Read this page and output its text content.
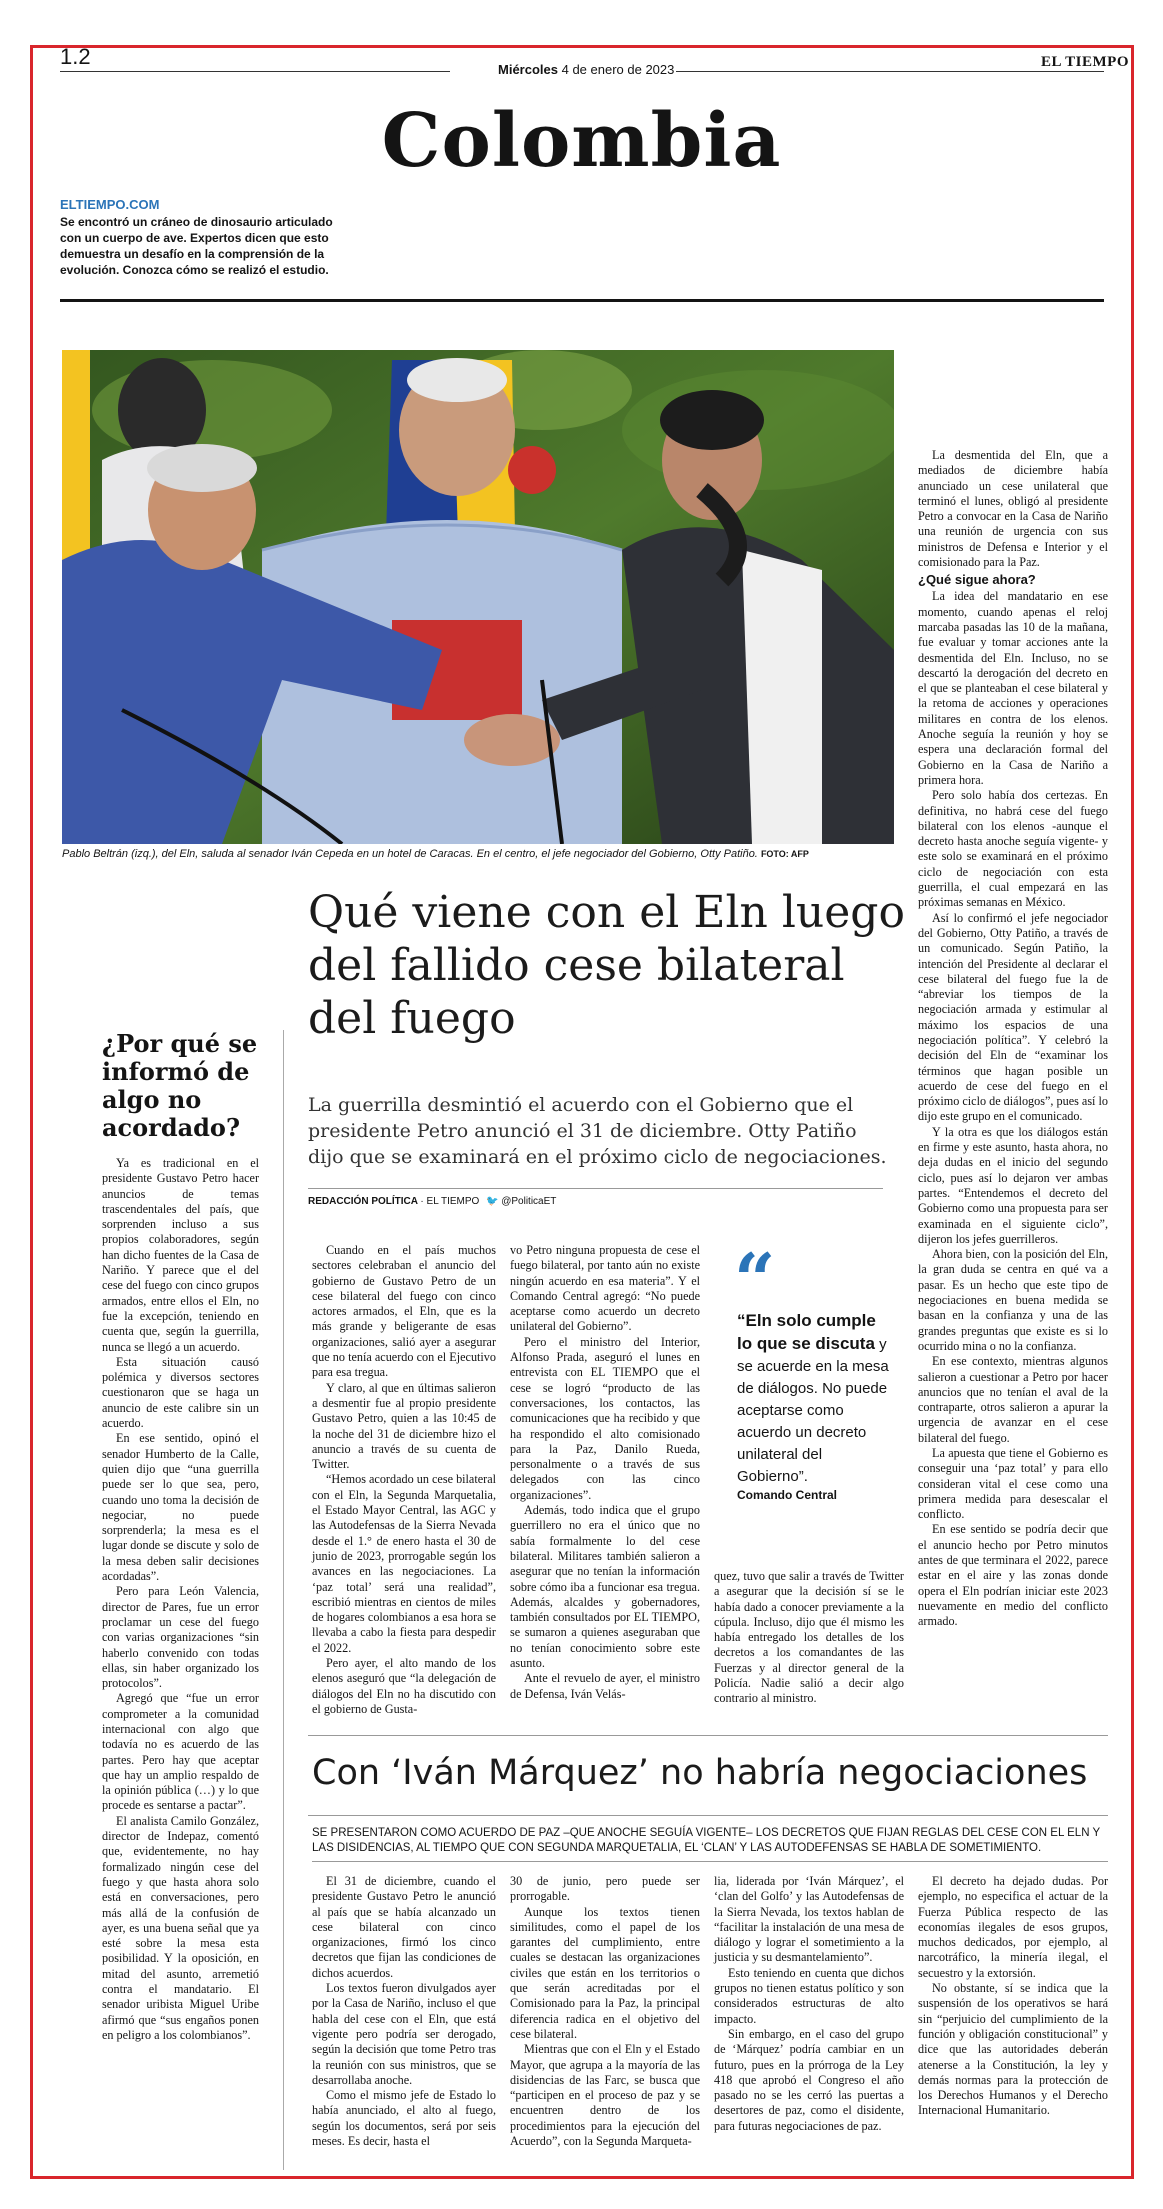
1.2
Miércoles 4 de enero de 2023	EL TIEMPO
Colombia
ELTIEMPO.COM
Se encontró un cráneo de dinosaurio articulado con un cuerpo de ave. Expertos dicen que esto demuestra un desafío en la comprensión de la evolución. Conozca cómo se realizó el estudio.
Pablo Beltrán (izq.), del Eln, saluda al senador Iván Cepeda en un hotel de Caracas. En el centro, el jefe negociador del Gobierno, Otty Patiño. FOTO: AFP
Qué viene con el Eln luego del fallido cese bilateral del fuego
La guerrilla desmintió el acuerdo con el Gobierno que el presidente Petro anunció el 31 de diciembre. Otty Patiño dijo que se examinará en el próximo ciclo de negociaciones.
REDACCIÓN POLÍTICA · EL TIEMPO 🐦 @PoliticaET
¿Por qué se informó de algo no acordado?

Ya es tradicional en el presidente Gustavo Petro hacer anuncios de temas trascendentales del país, que sorprenden incluso a sus propios colaboradores, según han dicho fuentes de la Casa de Nariño. Y parece que el del cese del fuego con cinco grupos armados, entre ellos el Eln, no fue la excepción, teniendo en cuenta que, según la guerrilla, nunca se llegó a un acuerdo.

Esta situación causó polémica y diversos sectores cuestionaron que se haga un anuncio de este calibre sin un acuerdo.

En ese sentido, opinó el senador Humberto de la Calle, quien dijo que “una guerrilla puede ser lo que sea, pero, cuando uno toma la decisión de negociar, no puede sorprenderla; la mesa es el lugar donde se discute y solo de la mesa deben salir decisiones acordadas”.

Pero para León Valencia, director de Pares, fue un error proclamar un cese del fuego con varias organizaciones “sin haberlo convenido con todas ellas, sin haber organizado los protocolos”.

Agregó que “fue un error comprometer a la comunidad internacional con algo que todavía no es acuerdo de las partes. Pero hay que aceptar que hay un amplio respaldo de la opinión pública (…) y lo que procede es sentarse a pactar”.

El analista Camilo González, director de Indepaz, comentó que, evidentemente, no hay formalizado ningún cese del fuego y que hasta ahora solo está en conversaciones, pero más allá de la confusión de ayer, es una buena señal que ya esté sobre la mesa esta posibilidad. Y la oposición, en mitad del asunto, arremetió contra el mandatario. El senador uribista Miguel Uribe afirmó que “sus engaños ponen en peligro a los colombianos”.

Cuando en el país muchos sectores celebraban el anuncio del gobierno de Gustavo Petro de un cese bilateral del fuego con cinco actores armados, el Eln, que es la más grande y beligerante de esas organizaciones, salió ayer a asegurar que no tenía acuerdo con el Ejecutivo para esa tregua.

Y claro, al que en últimas salieron a desmentir fue al propio presidente Gustavo Petro, quien a las 10:45 de la noche del 31 de diciembre hizo el anuncio a través de su cuenta de Twitter.

“Hemos acordado un cese bilateral con el Eln, la Segunda Marquetalia, el Estado Mayor Central, las AGC y las Autodefensas de la Sierra Nevada desde el 1.° de enero hasta el 30 de junio de 2023, prorrogable según los avances en las negociaciones. La ‘paz total’ será una realidad”, escribió mientras en cientos de miles de hogares colombianos a esa hora se llevaba a cabo la fiesta para despedir el 2022.

Pero ayer, el alto mando de los elenos aseguró que “la delegación de diálogos del Eln no ha discutido con el gobierno de Gusta-

vo Petro ninguna propuesta de cese el fuego bilateral, por tanto aún no existe ningún acuerdo en esa materia”. Y el Comando Central agregó: “No puede aceptarse como acuerdo un decreto unilateral del Gobierno”.

Pero el ministro del Interior, Alfonso Prada, aseguró el lunes en entrevista con EL TIEMPO que el cese se logró “producto de las conversaciones, los contactos, las comunicaciones que ha recibido y que ha respondido el alto comisionado para la Paz, Danilo Rueda, personalmente o a través de sus delegados con las cinco organizaciones”.

Además, todo indica que el grupo guerrillero no era el único que no sabía formalmente lo del cese bilateral. Militares también salieron a asegurar que no tenían la información sobre cómo iba a funcionar esa tregua. Además, alcaldes y gobernadores, también consultados por EL TIEMPO, se sumaron a quienes aseguraban que no tenían conocimiento sobre este asunto.

Ante el revuelo de ayer, el ministro de Defensa, Iván Velás-

quez, tuvo que salir a través de Twitter a asegurar que la decisión sí se le había dado a conocer previamente a la cúpula. Incluso, dijo que él mismo les había entregado los detalles de los decretos a los comandantes de las Fuerzas y al director general de la Policía. Nadie salió a decir algo contrario al ministro.

“
“Eln solo cumple lo que se discuta y se acuerde en la mesa de diálogos. No puede aceptarse como acuerdo un decreto unilateral del Gobierno”.
Comando Central

La desmentida del Eln, que a mediados de diciembre había anunciado un cese unilateral que terminó el lunes, obligó al presidente Petro a convocar en la Casa de Nariño una reunión de urgencia con sus ministros de Defensa e Interior y el comisionado para la Paz.

¿Qué sigue ahora?

La idea del mandatario en ese momento, cuando apenas el reloj marcaba pasadas las 10 de la mañana, fue evaluar y tomar acciones ante la desmentida del Eln. Incluso, no se descartó la derogación del decreto en el que se planteaban el cese bilateral y la retoma de acciones y operaciones militares en contra de los elenos. Anoche seguía la reunión y hoy se espera una declaración formal del Gobierno en la Casa de Nariño a primera hora.

Pero solo había dos certezas. En definitiva, no habrá cese del fuego bilateral con los elenos -aunque el decreto hasta anoche seguía vigente- y este solo se examinará en el próximo ciclo de negociación con esta guerrilla, el cual empezará en las próximas semanas en México.

Así lo confirmó el jefe negociador del Gobierno, Otty Patiño, a través de un comunicado. Según Patiño, la intención del Presidente al declarar el cese bilateral del fuego fue la de “abreviar los tiempos de la negociación armada y estimular al máximo los espacios de una negociación política”. Y celebró la decisión del Eln de “examinar los términos que hagan posible un acuerdo de cese del fuego en el próximo ciclo de diálogos”, pues así lo dijo este grupo en el comunicado.

Y la otra es que los diálogos están en firme y este asunto, hasta ahora, no deja dudas en el inicio del segundo ciclo, pues así lo dejaron ver ambas partes. “Entendemos el decreto del Gobierno como una propuesta para ser examinada en el siguiente ciclo”, dijeron los jefes guerrilleros.

Ahora bien, con la posición del Eln, la gran duda se centra en qué va a pasar. Es un hecho que este tipo de negociaciones en buena medida se basan en la confianza y una de las grandes preguntas que existe es si lo ocurrido mina o no la confianza.

En ese contexto, mientras algunos salieron a cuestionar a Petro por hacer anuncios que no tenían el aval de la contraparte, otros salieron a apurar la urgencia de avanzar en el cese bilateral del fuego.

La apuesta que tiene el Gobierno es conseguir una ‘paz total’ y para ello consideran vital el cese como una primera medida para desescalar el conflicto.

En ese sentido se podría decir que el anuncio hecho por Petro minutos antes de que terminara el 2022, parece estar en el aire y las zonas donde opera el Eln podrían iniciar este 2023 nuevamente en medio del conflicto armado.

Con ‘Iván Márquez’ no habría negociaciones
SE PRESENTARON COMO ACUERDO DE PAZ –QUE ANOCHE SEGUÍA VIGENTE– LOS DECRETOS QUE FIJAN REGLAS DEL CESE CON EL ELN Y LAS DISIDENCIAS, AL TIEMPO QUE CON SEGUNDA MARQUETALIA, EL ‘CLAN’ Y LAS AUTODEFENSAS SE HABLA DE SOMETIMIENTO.

El 31 de diciembre, cuando el presidente Gustavo Petro le anunció al país que se había alcanzado un cese bilateral con cinco organizaciones, firmó los cinco decretos que fijan las condiciones de dichos acuerdos.

Los textos fueron divulgados ayer por la Casa de Nariño, incluso el que habla del cese con el Eln, que está vigente pero podría ser derogado, según la decisión que tome Petro tras la reunión con sus ministros, que se desarrollaba anoche.

Como el mismo jefe de Estado lo había anunciado, el alto al fuego, según los documentos, será por seis meses. Es decir, hasta el

30 de junio, pero puede ser prorrogable.

Aunque los textos tienen similitudes, como el papel de los garantes del cumplimiento, entre cuales se destacan las organizaciones civiles que están en los territorios o que serán acreditadas por el Comisionado para la Paz, la principal diferencia radica en el objetivo del cese bilateral.

Mientras que con el Eln y el Estado Mayor, que agrupa a la mayoría de las disidencias de las Farc, se busca que “participen en el proceso de paz y se encuentren dentro de los procedimientos para la ejecución del Acuerdo”, con la Segunda Marqueta-

lia, liderada por ‘Iván Márquez’, el ‘clan del Golfo’ y las Autodefensas de la Sierra Nevada, los textos hablan de “facilitar la instalación de una mesa de diálogo y lograr el sometimiento a la justicia y su desmantelamiento”.

Esto teniendo en cuenta que dichos grupos no tienen estatus político y son considerados estructuras de alto impacto.

Sin embargo, en el caso del grupo de ‘Márquez’ podría cambiar en un futuro, pues en la prórroga de la Ley 418 que aprobó el Congreso el año pasado no se les cerró las puertas a desertores de paz, como el disidente, para futuras negociaciones de paz.

El decreto ha dejado dudas. Por ejemplo, no especifica el actuar de la Fuerza Pública respecto de las economías ilegales de esos grupos, muchos dedicados, por ejemplo, al narcotráfico, la minería ilegal, el secuestro y la extorsión.

No obstante, sí se indica que la suspensión de los operativos se hará sin “perjuicio del cumplimiento de la función y obligación constitucional” y dice que las autoridades deberán atenerse a la Constitución, la ley y demás normas para la protección de los Derechos Humanos y el Derecho Internacional Humanitario.
